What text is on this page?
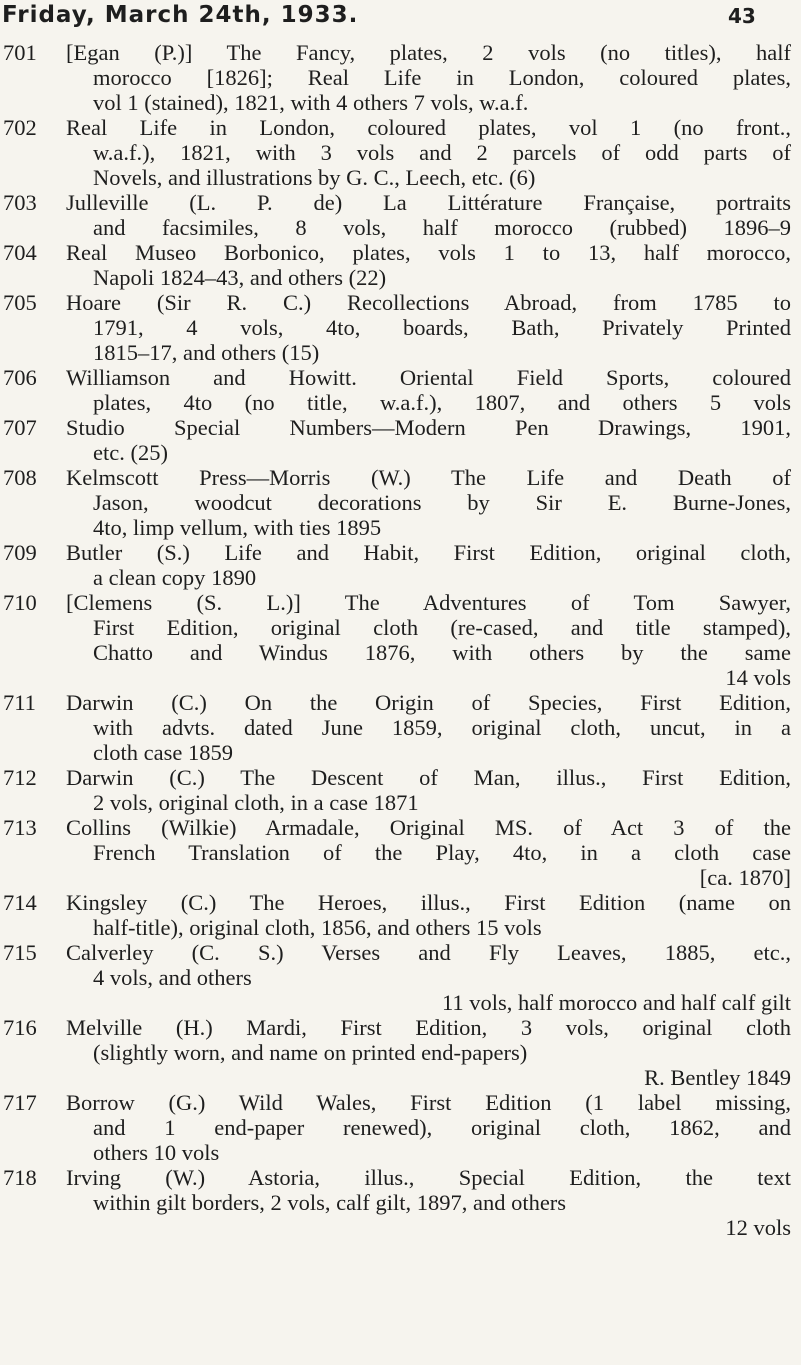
Friday, March 24th, 1933.	43
701 [Egan (P.)] The Fancy, plates, 2 vols (no titles), half
morocco [1826]; Real Life in London, coloured plates,
vol 1 (stained), 1821, with 4 others 7 vols, w.a.f.
702 Real Life in London, coloured plates, vol 1 (no front.,
w.a.f.), 1821, with 3 vols and 2 parcels of odd parts of
Novels, and illustrations by G. C., Leech, etc. (6)
703 Julleville (L. P. de) La Littérature Française, portraits
and facsimiles, 8 vols, half morocco (rubbed) 1896–9
704 Real Museo Borbonico, plates, vols 1 to 13, half morocco,
Napoli 1824–43, and others (22)
705 Hoare (Sir R. C.) Recollections Abroad, from 1785 to
1791, 4 vols, 4to, boards, Bath, Privately Printed
1815–17, and others (15)
706 Williamson and Howitt. Oriental Field Sports, coloured
plates, 4to (no title, w.a.f.), 1807, and others 5 vols
707 Studio Special Numbers—Modern Pen Drawings, 1901,
etc. (25)
708 Kelmscott Press—Morris (W.) The Life and Death of
Jason, woodcut decorations by Sir E. Burne-Jones,
4to, limp vellum, with ties 1895
709 Butler (S.) Life and Habit, First Edition, original cloth,
a clean copy 1890
710 [Clemens (S. L.)] The Adventures of Tom Sawyer,
First Edition, original cloth (re-cased, and title stamped),
Chatto and Windus 1876, with others by the same
14 vols
711 Darwin (C.) On the Origin of Species, First Edition,
with advts. dated June 1859, original cloth, uncut, in a
cloth case 1859
712 Darwin (C.) The Descent of Man, illus., First Edition,
2 vols, original cloth, in a case 1871
713 Collins (Wilkie) Armadale, Original MS. of Act 3 of the
French Translation of the Play, 4to, in a cloth case
[ca. 1870]
714 Kingsley (C.) The Heroes, illus., First Edition (name on
half-title), original cloth, 1856, and others 15 vols
715 Calverley (C. S.) Verses and Fly Leaves, 1885, etc.,
4 vols, and others
11 vols, half morocco and half calf gilt
716 Melville (H.) Mardi, First Edition, 3 vols, original cloth
(slightly worn, and name on printed end-papers)
R. Bentley 1849
717 Borrow (G.) Wild Wales, First Edition (1 label missing,
and 1 end-paper renewed), original cloth, 1862, and
others 10 vols
718 Irving (W.) Astoria, illus., Special Edition, the text
within gilt borders, 2 vols, calf gilt, 1897, and others
12 vols
